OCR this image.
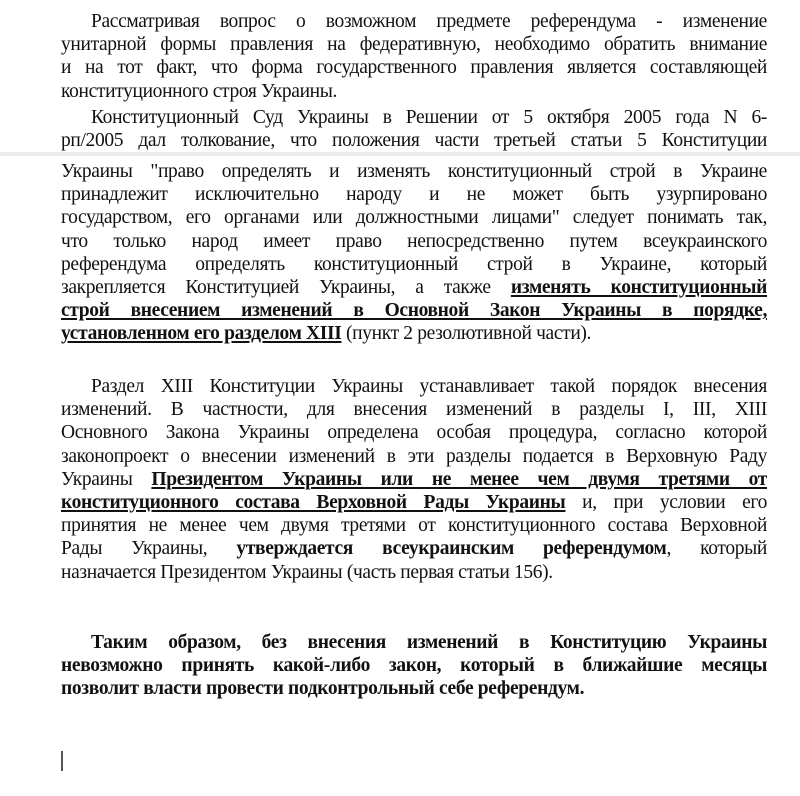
Рассматривая вопрос о возможном предмете референдума - изменение
унитарной формы правления на федеративную, необходимо обратить внимание
и на тот факт, что форма государственного правления является составляющей
конституционного строя Украины.
Конституционный Суд Украины в Решении от 5 октября 2005 года N 6-
рп/2005 дал толкование, что положения части третьей статьи 5 Конституции
Украины "право определять и изменять конституционный строй в Украине
принадлежит исключительно народу и не может быть узурпировано
государством, его органами или должностными лицами" следует понимать так,
что только народ имеет право непосредственно путем всеукраинского
референдума определять конституционный строй в Украине, который
закрепляется Конституцией Украины, а также изменять конституционный
строй внесением изменений в Основной Закон Украины в порядке,
установленном его разделом XIII (пункт 2 резолютивной части).
Раздел XIII Конституции Украины устанавливает такой порядок внесения
изменений. В частности, для внесения изменений в разделы I, III, XIII
Основного Закона Украины определена особая процедура, согласно которой
законопроект о внесении изменений в эти разделы подается в Верховную Раду
Украины Президентом Украины или не менее чем двумя третями от
конституционного состава Верховной Рады Украины и, при условии его
принятия не менее чем двумя третями от конституционного состава Верховной
Рады Украины, утверждается всеукраинским референдумом, который
назначается Президентом Украины (часть первая статьи 156).
Таким образом, без внесения изменений в Конституцию Украины
невозможно принять какой-либо закон, который в ближайшие месяцы
позволит власти провести подконтрольный себе референдум.
